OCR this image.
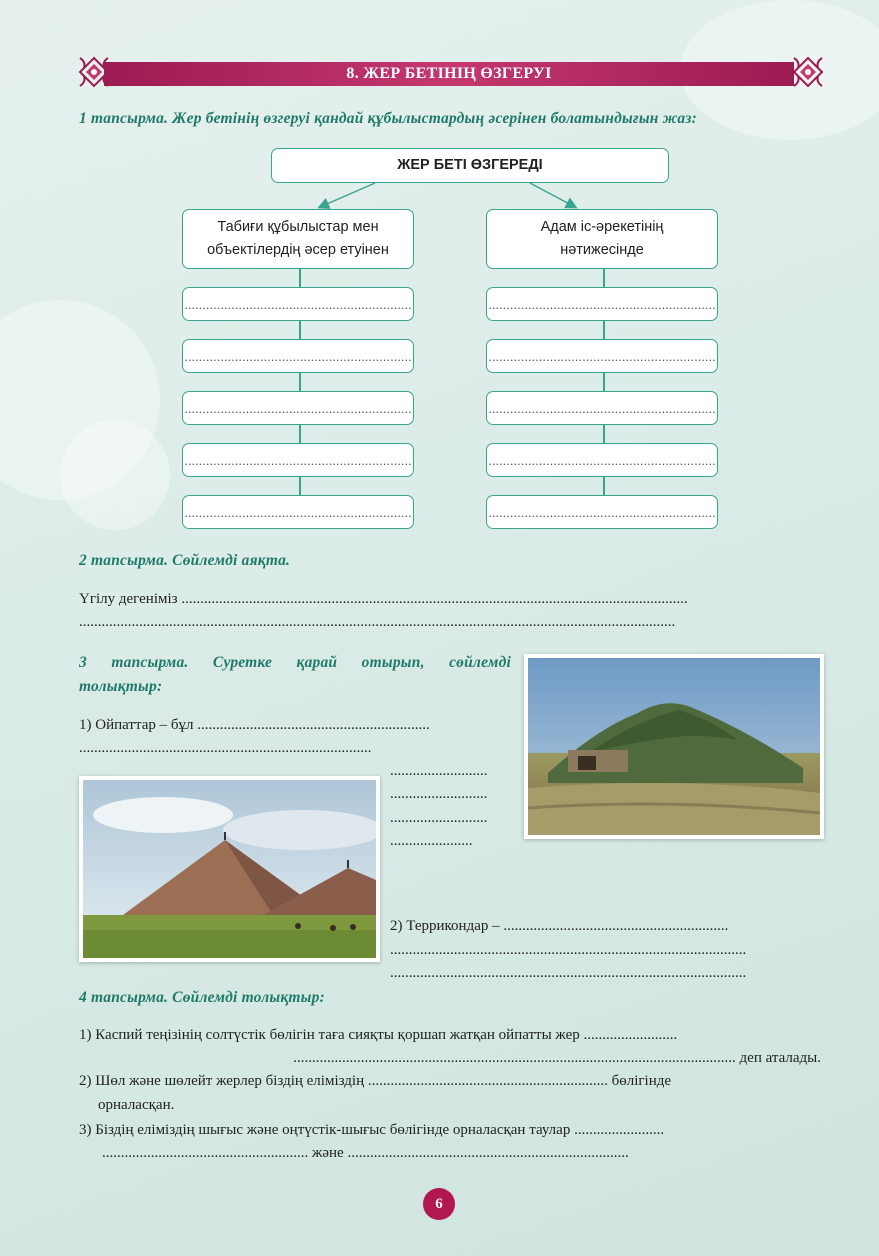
8. ЖЕР БЕТІНІҢ ӨЗГЕРУІ
1 тапсырма. Жер бетінің өзгеруі қандай құбылыстардың әсерінен болатындығын жаз:
ЖЕР БЕТІ ӨЗГЕРЕДІ
Табиғи құбылыстар мен
объектілердің әсер етуінен
Адам іс-әрекетінің
нәтижесінде
...............................................................
...............................................................
...............................................................
...............................................................
...............................................................
...............................................................
...............................................................
...............................................................
...............................................................
...............................................................
2 тапсырма. Сөйлемді аяқта.
Үгілу дегеніміз .......................................................................................................................................
...............................................................................................................................................................
3 тапсырма. Суретке қарай отырып, сөйлемді
толықтыр:
1) Ойпаттар – бұл ..............................................................
..............................................................................
..........................
..........................
..........................
......................
2) Террикондар – ............................................................
...............................................................................................
...............................................................................................
4 тапсырма. Сөйлемді толықтыр:
1) Каспий теңізінің солтүстік бөлігін таға сияқты қоршап жатқан ойпатты жер .........................
...................................................................................................................... деп аталады.
2) Шөл және шөлейт жерлер біздің еліміздің ................................................................ бөлігінде
орналасқан.
3) Біздің еліміздің шығыс және оңтүстік-шығыс бөлігінде орналасқан таулар ........................
....................................................... және ...........................................................................
6
